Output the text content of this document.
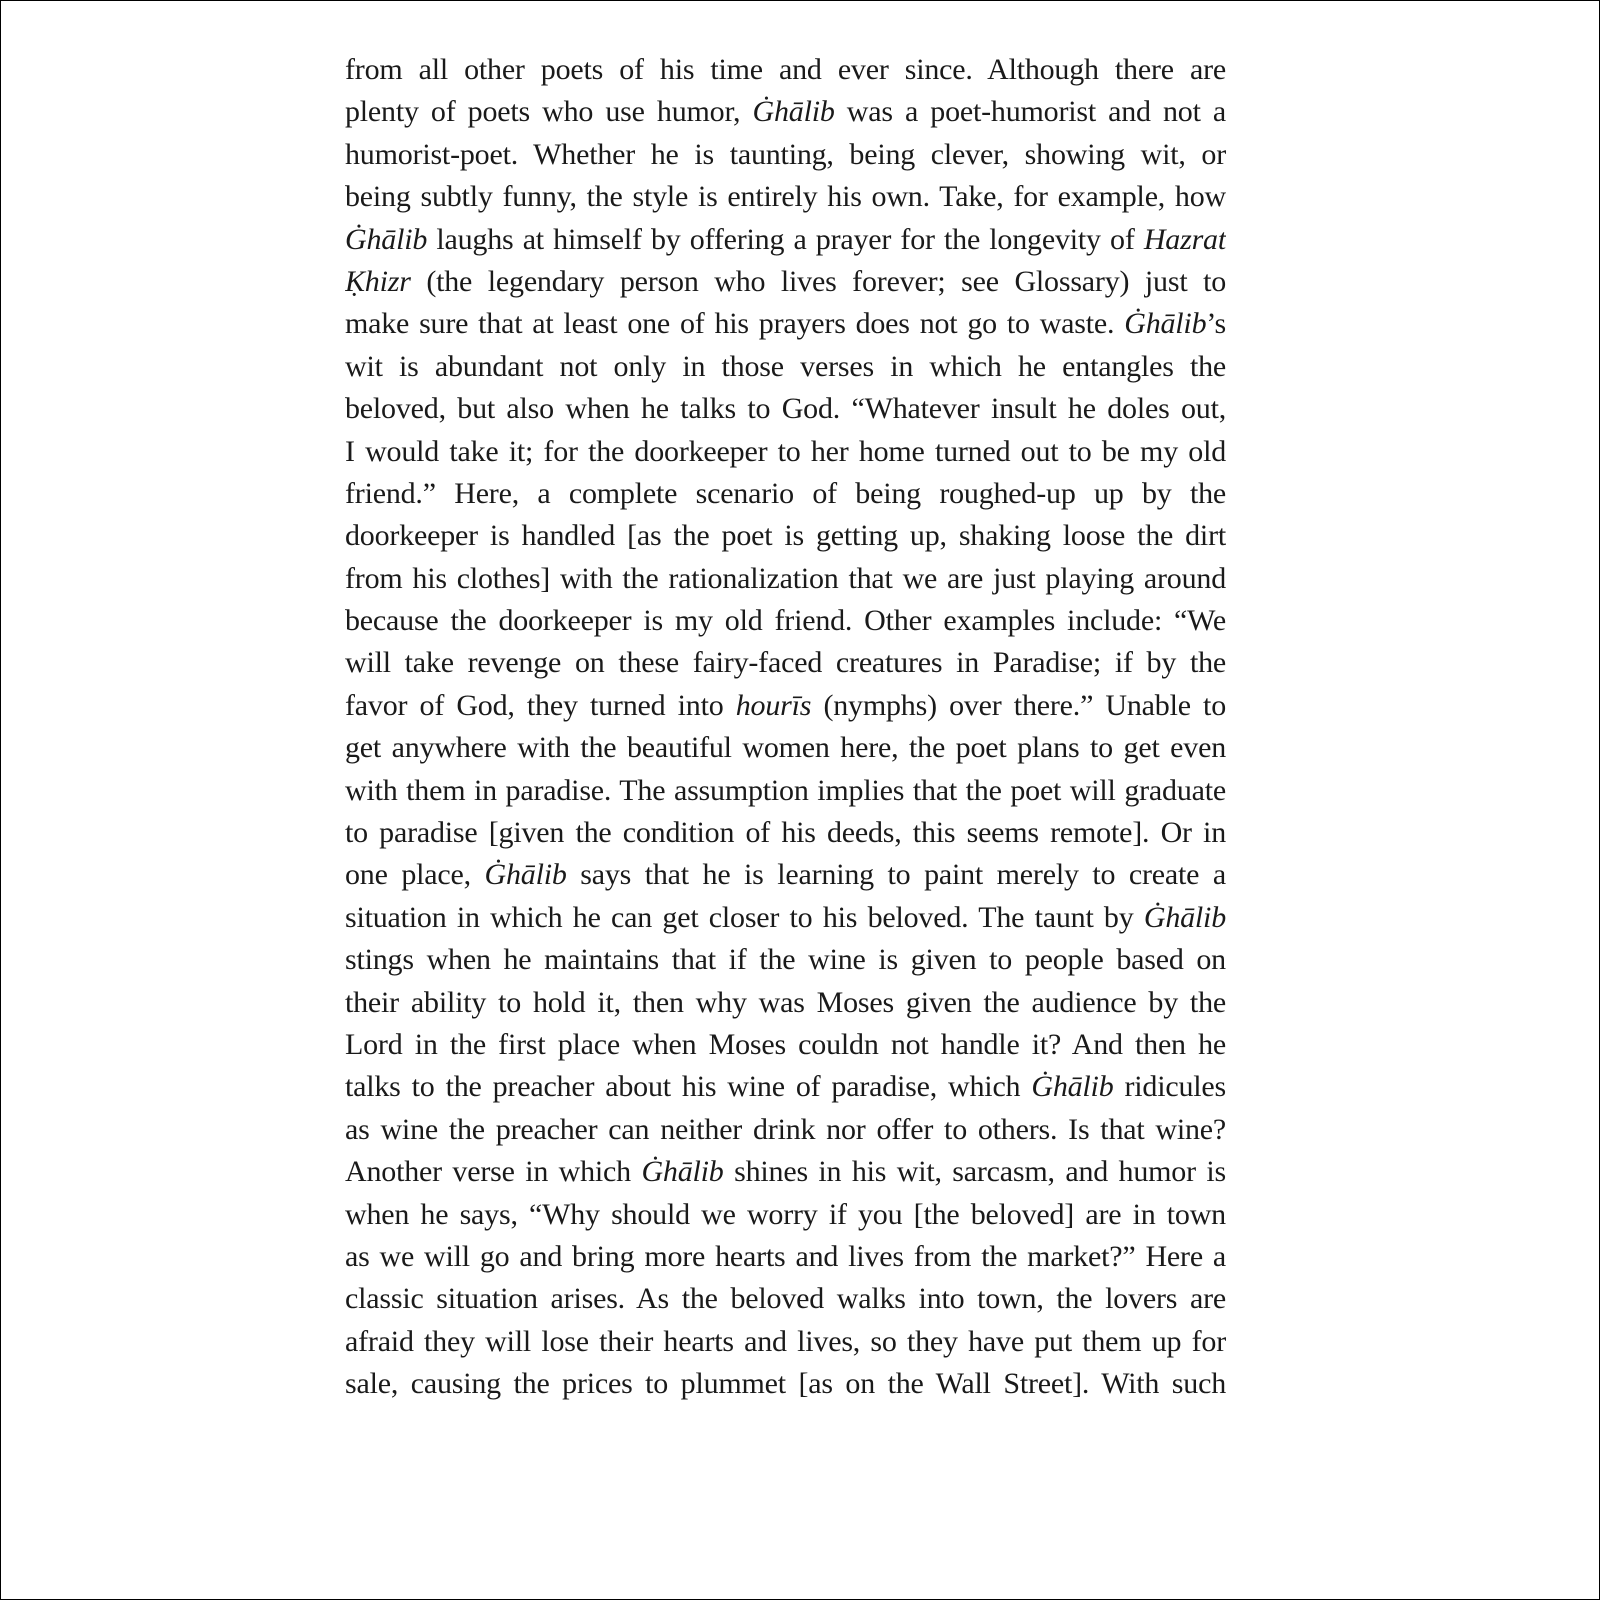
from all other poets of his time and ever since. Although there are
plenty of poets who use humor, Ġhālib was a poet-humorist and not a
humorist-poet. Whether he is taunting, being clever, showing wit, or
being subtly funny, the style is entirely his own. Take, for example, how
Ġhālib laughs at himself by offering a prayer for the longevity of Hazrat
Ḳhizr (the legendary person who lives forever; see Glossary) just to
make sure that at least one of his prayers does not go to waste. Ġhālib’s
wit is abundant not only in those verses in which he entangles the
beloved, but also when he talks to God. “Whatever insult he doles out,
I would take it; for the doorkeeper to her home turned out to be my old
friend.” Here, a complete scenario of being roughed-up up by the
doorkeeper is handled [as the poet is getting up, shaking loose the dirt
from his clothes] with the rationalization that we are just playing around
because the doorkeeper is my old friend. Other examples include: “We
will take revenge on these fairy-faced creatures in Paradise; if by the
favor of God, they turned into hourīs (nymphs) over there.” Unable to
get anywhere with the beautiful women here, the poet plans to get even
with them in paradise. The assumption implies that the poet will graduate
to paradise [given the condition of his deeds, this seems remote]. Or in
one place, Ġhālib says that he is learning to paint merely to create a
situation in which he can get closer to his beloved. The taunt by Ġhālib
stings when he maintains that if the wine is given to people based on
their ability to hold it, then why was Moses given the audience by the
Lord in the first place when Moses couldn not handle it? And then he
talks to the preacher about his wine of paradise, which Ġhālib ridicules
as wine the preacher can neither drink nor offer to others. Is that wine?
Another verse in which Ġhālib shines in his wit, sarcasm, and humor is
when he says, “Why should we worry if you [the beloved] are in town
as we will go and bring more hearts and lives from the market?” Here a
classic situation arises. As the beloved walks into town, the lovers are
afraid they will lose their hearts and lives, so they have put them up for
sale, causing the prices to plummet [as on the Wall Street]. With such
